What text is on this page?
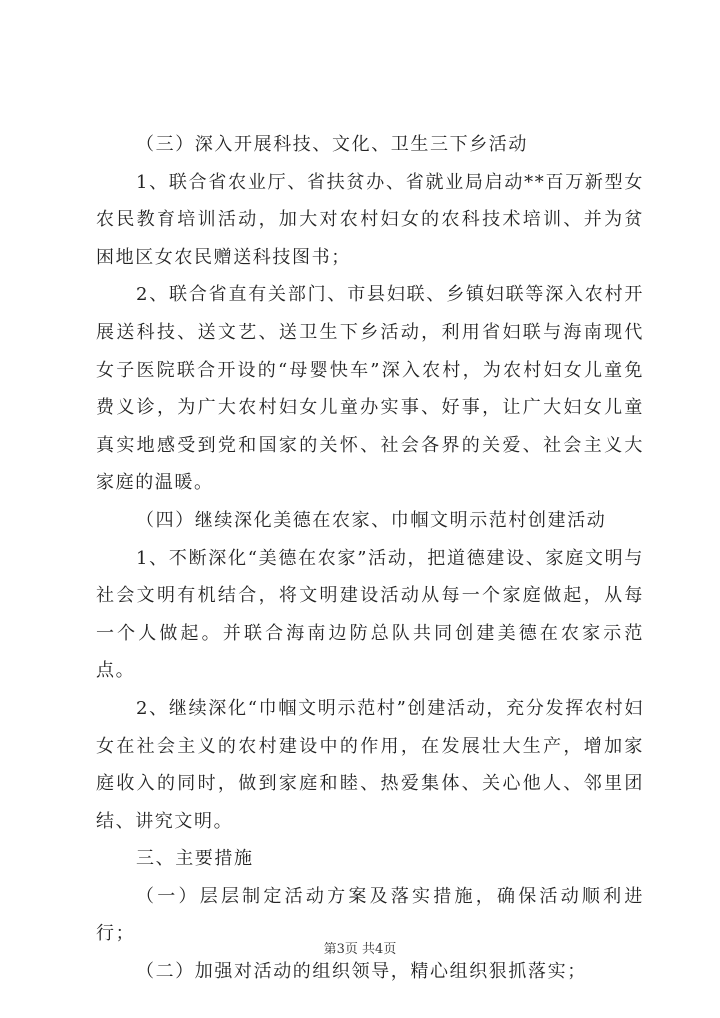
（三）深入开展科技、文化、卫生三下乡活动

1、联合省农业厅、省扶贫办、省就业局启动**百万新型女农民教育培训活动，加大对农村妇女的农科技术培训、并为贫困地区女农民赠送科技图书；

2、联合省直有关部门、市县妇联、乡镇妇联等深入农村开展送科技、送文艺、送卫生下乡活动，利用省妇联与海南现代女子医院联合开设的“母婴快车”深入农村，为农村妇女儿童免费义诊，为广大农村妇女儿童办实事、好事，让广大妇女儿童真实地感受到党和国家的关怀、社会各界的关爱、社会主义大家庭的温暖。

（四）继续深化美德在农家、巾帼文明示范村创建活动

1、不断深化“美德在农家”活动，把道德建设、家庭文明与社会文明有机结合，将文明建设活动从每一个家庭做起，从每一个人做起。并联合海南边防总队共同创建美德在农家示范点。

2、继续深化“巾帼文明示范村”创建活动，充分发挥农村妇女在社会主义的农村建设中的作用，在发展壮大生产，增加家庭收入的同时，做到家庭和睦、热爱集体、关心他人、邻里团结、讲究文明。

三、主要措施

（一）层层制定活动方案及落实措施，确保活动顺利进行；

（二）加强对活动的组织领导，精心组织狠抓落实；

第3页 共4页
